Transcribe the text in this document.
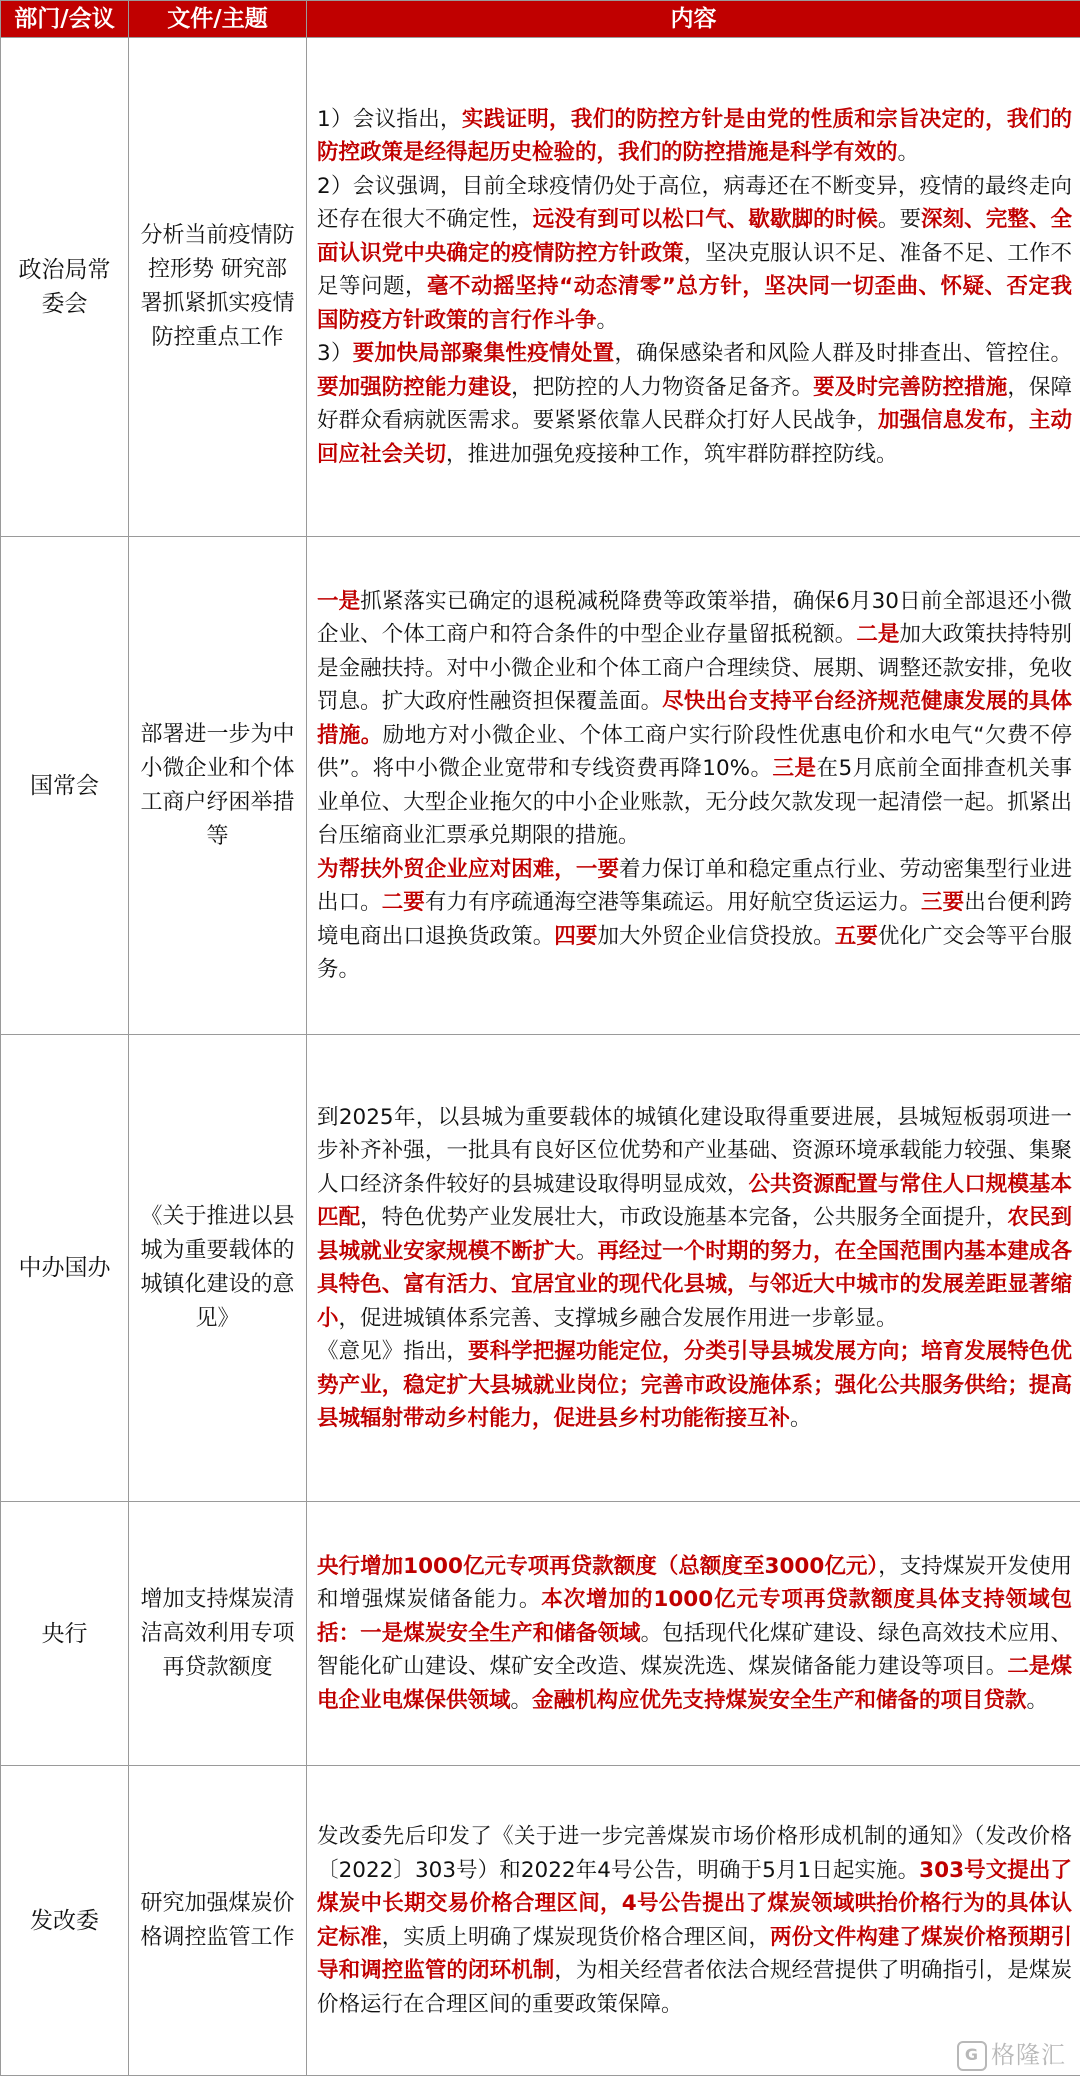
部门/会议	文件/主题	内容
政治局常委会	分析当前疫情防控形势 研究部署抓紧抓实疫情防控重点工作	1）会议指出，实践证明，我们的防控方针是由党的性质和宗旨决定的，我们的防控政策是经得起历史检验的，我们的防控措施是科学有效的。
2）会议强调，目前全球疫情仍处于高位，病毒还在不断变异，疫情的最终走向还存在很大不确定性，远没有到可以松口气、歇歇脚的时候。要深刻、完整、全面认识党中央确定的疫情防控方针政策，坚决克服认识不足、准备不足、工作不足等问题，毫不动摇坚持“动态清零”总方针，坚决同一切歪曲、怀疑、否定我国防疫方针政策的言行作斗争。
3）要加快局部聚集性疫情处置，确保感染者和风险人群及时排查出、管控住。要加强防控能力建设，把防控的人力物资备足备齐。要及时完善防控措施，保障好群众看病就医需求。要紧紧依靠人民群众打好人民战争，加强信息发布，主动回应社会关切，推进加强免疫接种工作，筑牢群防群控防线。
国常会	部署进一步为中小微企业和个体工商户纾困举措等	一是抓紧落实已确定的退税减税降费等政策举措，确保6月30日前全部退还小微企业、个体工商户和符合条件的中型企业存量留抵税额。二是加大政策扶持特别是金融扶持。对中小微企业和个体工商户合理续贷、展期、调整还款安排，免收罚息。扩大政府性融资担保覆盖面。尽快出台支持平台经济规范健康发展的具体措施。励地方对小微企业、个体工商户实行阶段性优惠电价和水电气“欠费不停供”。将中小微企业宽带和专线资费再降10%。三是在5月底前全面排查机关事业单位、大型企业拖欠的中小企业账款，无分歧欠款发现一起清偿一起。抓紧出台压缩商业汇票承兑期限的措施。
为帮扶外贸企业应对困难，一要着力保订单和稳定重点行业、劳动密集型行业进出口。二要有力有序疏通海空港等集疏运。用好航空货运运力。三要出台便利跨境电商出口退换货政策。四要加大外贸企业信贷投放。五要优化广交会等平台服务。
中办国办	《关于推进以县城为重要载体的城镇化建设的意见》	到2025年，以县城为重要载体的城镇化建设取得重要进展，县城短板弱项进一步补齐补强，一批具有良好区位优势和产业基础、资源环境承载能力较强、集聚人口经济条件较好的县城建设取得明显成效，公共资源配置与常住人口规模基本匹配，特色优势产业发展壮大，市政设施基本完备，公共服务全面提升，农民到县城就业安家规模不断扩大。再经过一个时期的努力，在全国范围内基本建成各具特色、富有活力、宜居宜业的现代化县城，与邻近大中城市的发展差距显著缩小，促进城镇体系完善、支撑城乡融合发展作用进一步彰显。
《意见》指出，要科学把握功能定位，分类引导县城发展方向；培育发展特色优势产业，稳定扩大县城就业岗位；完善市政设施体系；强化公共服务供给；提高县城辐射带动乡村能力，促进县乡村功能衔接互补。
央行	增加支持煤炭清洁高效利用专项再贷款额度	央行增加1000亿元专项再贷款额度（总额度至3000亿元），支持煤炭开发使用和增强煤炭储备能力。本次增加的1000亿元专项再贷款额度具体支持领域包括：一是煤炭安全生产和储备领域。包括现代化煤矿建设、绿色高效技术应用、智能化矿山建设、煤矿安全改造、煤炭洗选、煤炭储备能力建设等项目。二是煤电企业电煤保供领域。金融机构应优先支持煤炭安全生产和储备的项目贷款。
发改委	研究加强煤炭价格调控监管工作	发改委先后印发了《关于进一步完善煤炭市场价格形成机制的通知》（发改价格〔2022〕303号）和2022年4号公告，明确于5月1日起实施。303号文提出了煤炭中长期交易价格合理区间，4号公告提出了煤炭领域哄抬价格行为的具体认定标准，实质上明确了煤炭现货价格合理区间，两份文件构建了煤炭价格预期引导和调控监管的闭环机制，为相关经营者依法合规经营提供了明确指引，是煤炭价格运行在合理区间的重要政策保障。
G 格隆汇
